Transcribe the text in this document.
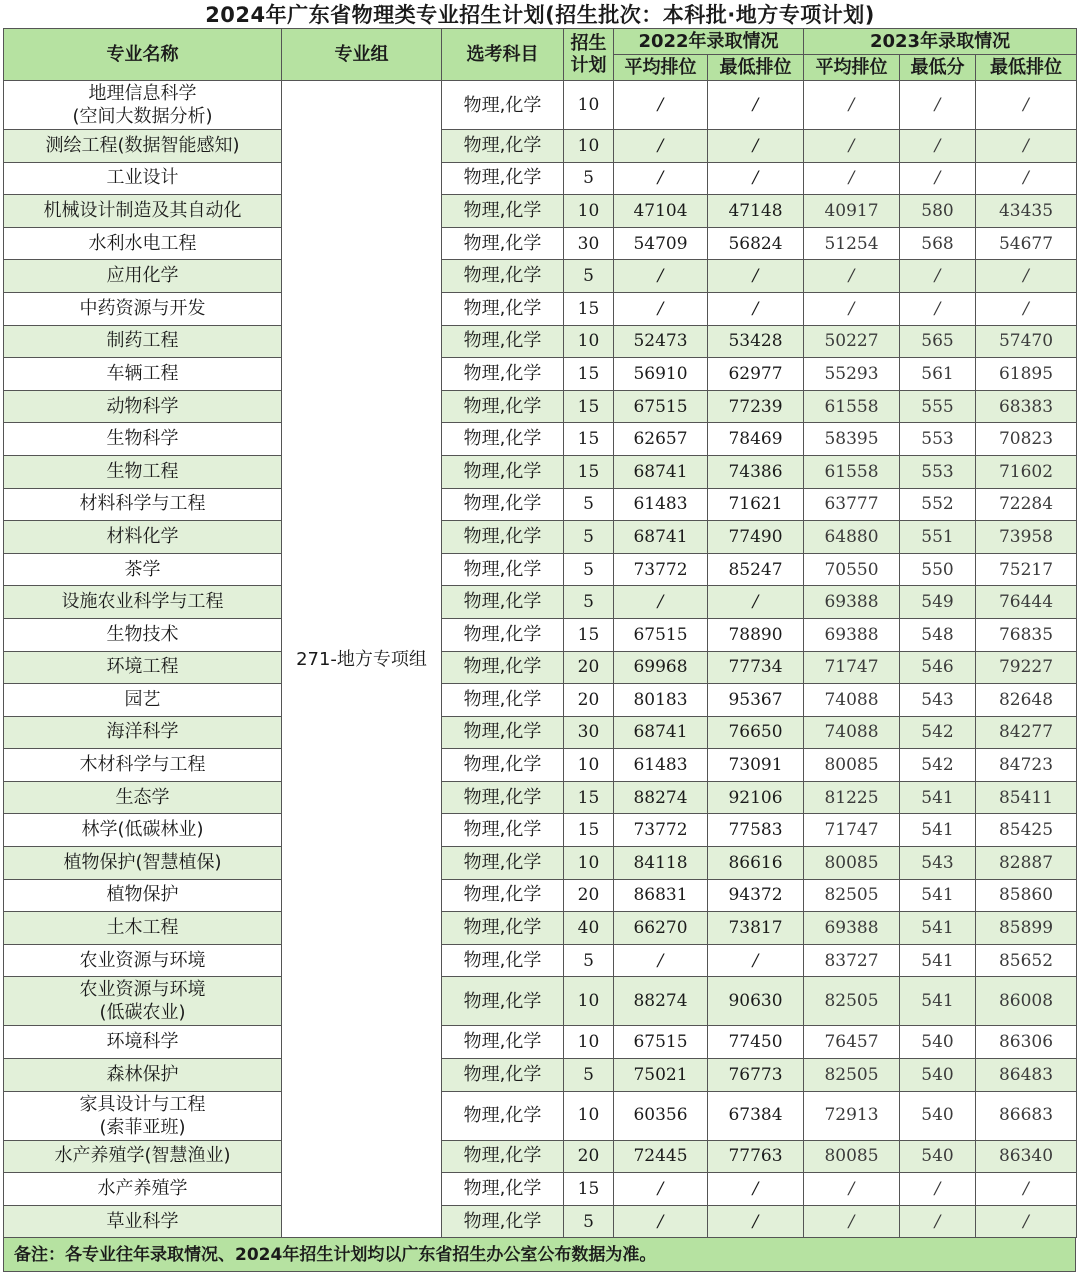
2024年广东省物理类专业招生计划(招生批次：本科批·地方专项计划)
专业名称	专业组	选考科目	招生
计划	2022年录取情况		2023年录取情况		
				平均排位	最低排位	平均排位	最低分	最低排位

地理信息科学
(空间大数据分析)	271-地方专项组	物理,化学	10	/	/	/	/	/

测绘工程(数据智能感知)		物理,化学	10	/	/	/	/	/

工业设计		物理,化学	5	/	/	/	/	/

机械设计制造及其自动化		物理,化学	10	47104	47148	40917	580	43435

水利水电工程		物理,化学	30	54709	56824	51254	568	54677

应用化学		物理,化学	5	/	/	/	/	/

中药资源与开发		物理,化学	15	/	/	/	/	/

制药工程		物理,化学	10	52473	53428	50227	565	57470

车辆工程		物理,化学	15	56910	62977	55293	561	61895

动物科学		物理,化学	15	67515	77239	61558	555	68383

生物科学		物理,化学	15	62657	78469	58395	553	70823

生物工程		物理,化学	15	68741	74386	61558	553	71602

材料科学与工程		物理,化学	5	61483	71621	63777	552	72284

材料化学		物理,化学	5	68741	77490	64880	551	73958

茶学		物理,化学	5	73772	85247	70550	550	75217

设施农业科学与工程		物理,化学	5	/	/	69388	549	76444

生物技术		物理,化学	15	67515	78890	69388	548	76835

环境工程		物理,化学	20	69968	77734	71747	546	79227

园艺		物理,化学	20	80183	95367	74088	543	82648

海洋科学		物理,化学	30	68741	76650	74088	542	84277

木材科学与工程		物理,化学	10	61483	73091	80085	542	84723

生态学		物理,化学	15	88274	92106	81225	541	85411

林学(低碳林业)		物理,化学	15	73772	77583	71747	541	85425

植物保护(智慧植保)		物理,化学	10	84118	86616	80085	543	82887

植物保护		物理,化学	20	86831	94372	82505	541	85860

土木工程		物理,化学	40	66270	73817	69388	541	85899

农业资源与环境		物理,化学	5	/	/	83727	541	85652

农业资源与环境
(低碳农业)		物理,化学	10	88274	90630	82505	541	86008

环境科学		物理,化学	10	67515	77450	76457	540	86306

森林保护		物理,化学	5	75021	76773	82505	540	86483

家具设计与工程
(索菲亚班)		物理,化学	10	60356	67384	72913	540	86683

水产养殖学(智慧渔业)		物理,化学	20	72445	77763	80085	540	86340

水产养殖学		物理,化学	15	/	/	/	/	/

草业科学		物理,化学	5	/	/	/	/	/
备注：各专业往年录取情况、2024年招生计划均以广东省招生办公室公布数据为准。
